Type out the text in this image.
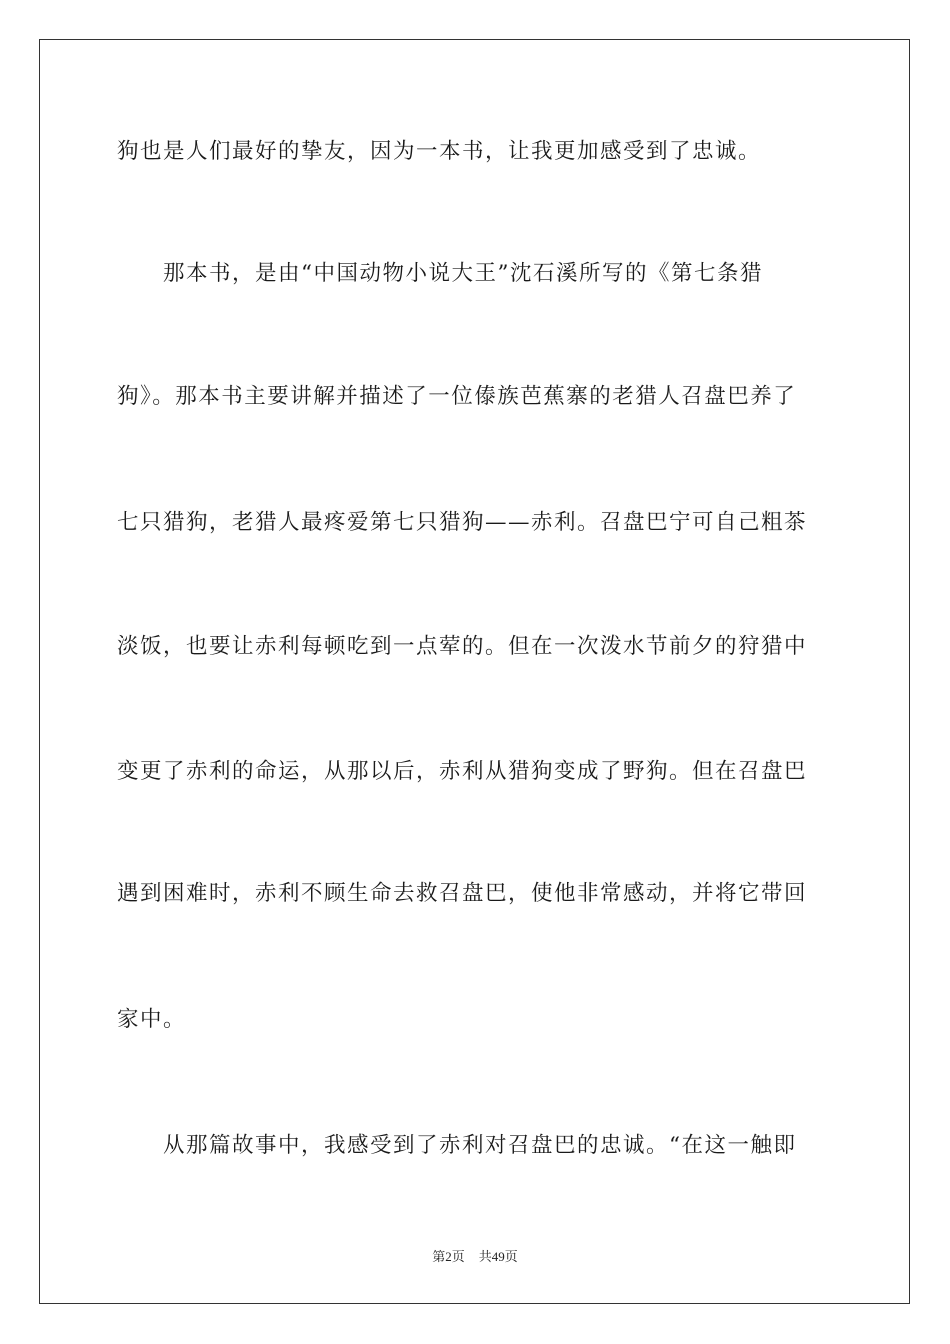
狗也是人们最好的挚友，因为一本书，让我更加感受到了忠诚。
　　那本书，是由“中国动物小说大王”沈石溪所写的《第七条猎
狗》。那本书主要讲解并描述了一位傣族芭蕉寨的老猎人召盘巴养了
七只猎狗，老猎人最疼爱第七只猎狗——赤利。召盘巴宁可自己粗茶
淡饭，也要让赤利每顿吃到一点荤的。但在一次泼水节前夕的狩猎中
变更了赤利的命运，从那以后，赤利从猎狗变成了野狗。但在召盘巴
遇到困难时，赤利不顾生命去救召盘巴，使他非常感动，并将它带回
家中。
　　从那篇故事中，我感受到了赤利对召盘巴的忠诚。“在这一触即
第2页 共49页
